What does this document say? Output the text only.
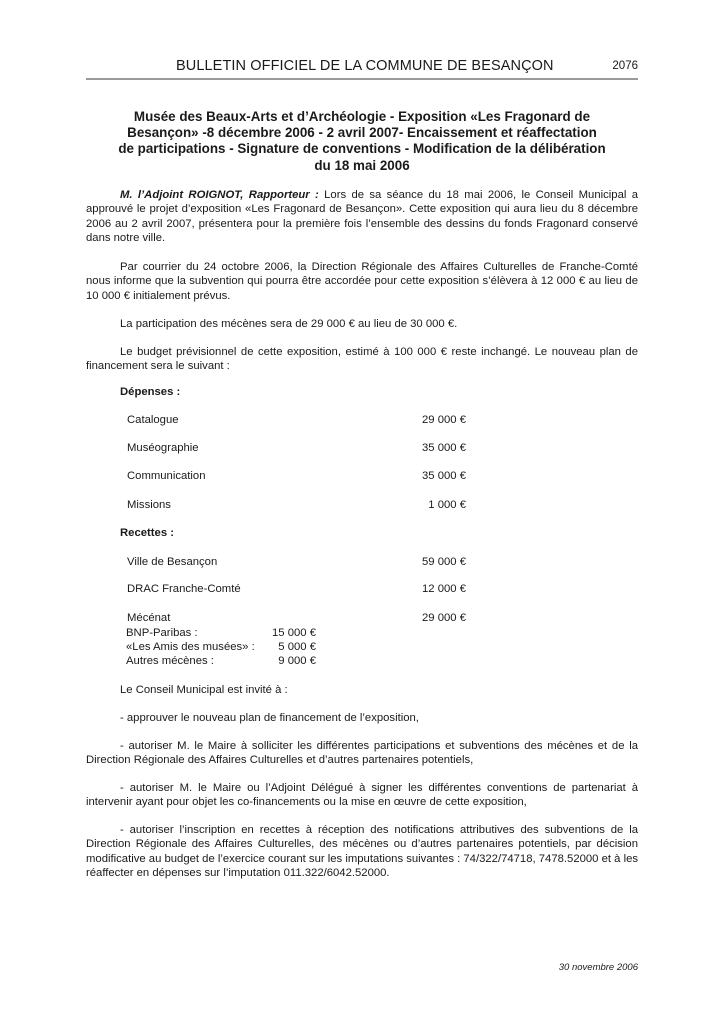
BULLETIN OFFICIEL DE LA COMMUNE DE BESANÇON	2076
Musée des Beaux-Arts et d’Archéologie - Exposition «Les Fragonard de
Besançon» -8 décembre 2006 - 2 avril 2007- Encaissement et réaffectation
de participations - Signature de conventions - Modification de la délibération
du 18 mai 2006
M. l’Adjoint ROIGNOT, Rapporteur : Lors de sa séance du 18 mai 2006, le Conseil Municipal a approuvé le projet d’exposition «Les Fragonard de Besançon». Cette exposition qui aura lieu du 8 décembre 2006 au 2 avril 2007, présentera pour la première fois l’ensemble des dessins du fonds Fragonard conservé dans notre ville.
Par courrier du 24 octobre 2006, la Direction Régionale des Affaires Culturelles de Franche-Comté nous informe que la subvention qui pourra être accordée pour cette exposition s’élèvera à 12 000 € au lieu de 10 000 € initialement prévus.
La participation des mécènes sera de 29 000 € au lieu de 30 000 €.
Le budget prévisionnel de cette exposition, estimé à 100 000 € reste inchangé. Le nouveau plan de financement sera le suivant :
Dépenses :
Catalogue	29 000 €
Muséographie	35 000 €
Communication	35 000 €
Missions	1 000 €
Recettes :
Ville de Besançon	59 000 €
DRAC Franche-Comté	12 000 €
Mécénat	29 000 €
BNP-Paribas :	15 000 €
«Les Amis des musées» :	5 000 €
Autres mécènes :	9 000 €
Le Conseil Municipal est invité à :
- approuver le nouveau plan de financement de l’exposition,
- autoriser M. le Maire à solliciter les différentes participations et subventions des mécènes et de la Direction Régionale des Affaires Culturelles et d’autres partenaires potentiels,
- autoriser M. le Maire ou l’Adjoint Délégué à signer les différentes conventions de partenariat à intervenir ayant pour objet les co-financements ou la mise en œuvre de cette exposition,
- autoriser l’inscription en recettes à réception des notifications attributives des subventions de la Direction Régionale des Affaires Culturelles, des mécènes ou d’autres partenaires potentiels, par décision modificative au budget de l’exercice courant sur les imputations suivantes : 74/322/74718, 7478.52000 et à les réaffecter en dépenses sur l’imputation 011.322/6042.52000.
30 novembre 2006
